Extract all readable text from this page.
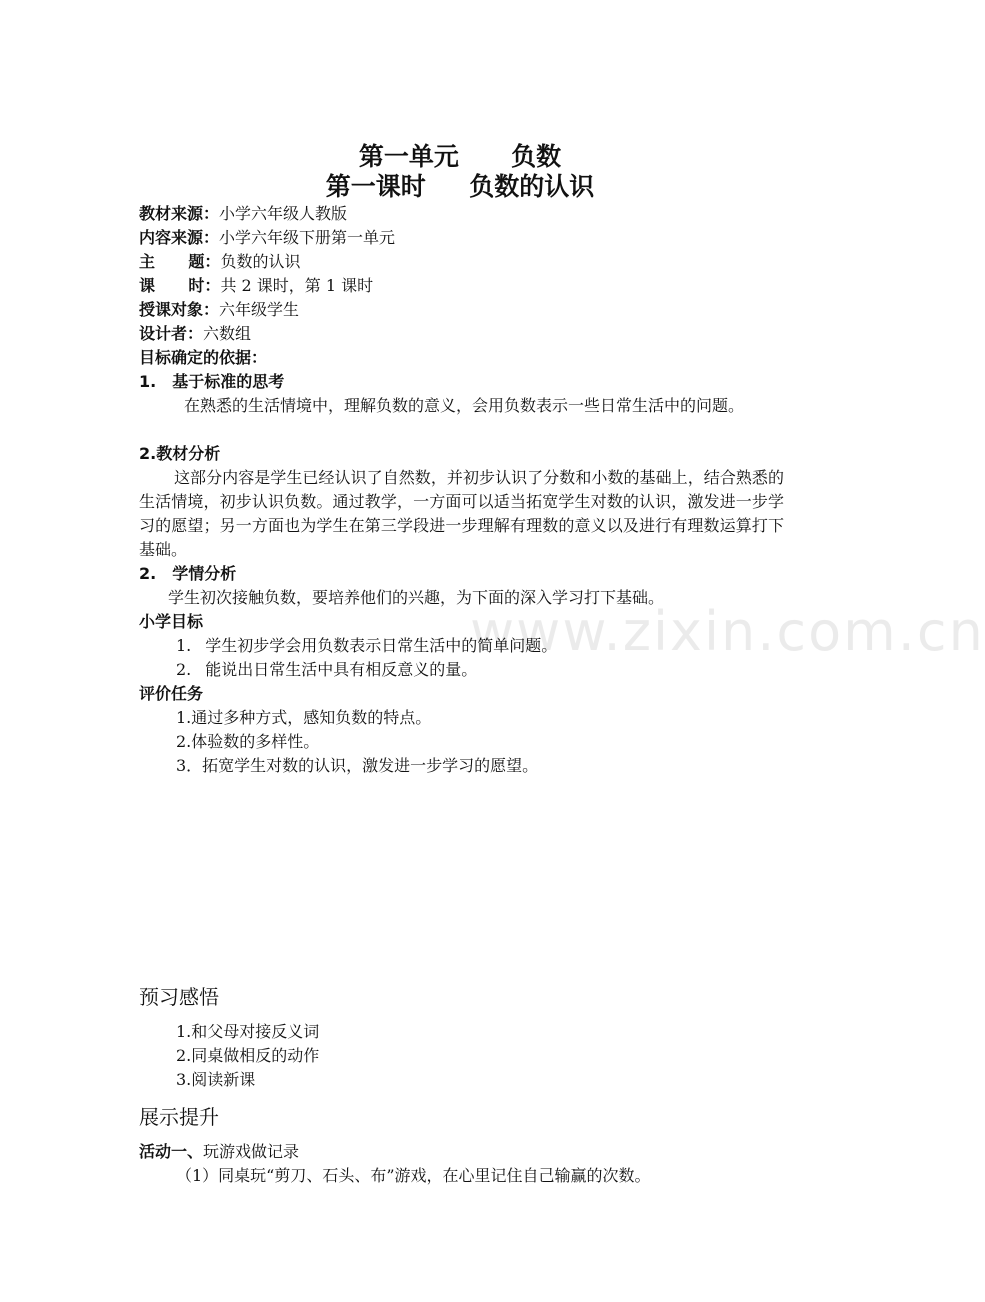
第一单元      负数
第一课时     负数的认识
教材来源：小学六年级人教版
内容来源：小学六年级下册第一单元
主      题：负数的认识
课      时：共 2 课时，第 1 课时
授课对象：六年级学生
设计者：六数组
目标确定的依据：
1. 基于标准的思考
在熟悉的生活情境中，理解负数的意义，会用负数表示一些日常生活中的问题。
2.教材分析
这部分内容是学生已经认识了自然数，并初步认识了分数和小数的基础上，结合熟悉的生活情境，初步认识负数。通过教学，一方面可以适当拓宽学生对数的认识，激发进一步学习的愿望；另一方面也为学生在第三学段进一步理解有理数的意义以及进行有理数运算打下基础。
2. 学情分析
学生初次接触负数，要培养他们的兴趣，为下面的深入学习打下基础。
小学目标
1. 学生初步学会用负数表示日常生活中的简单问题。
2. 能说出日常生活中具有相反意义的量。
评价任务
1.通过多种方式，感知负数的特点。
2.体验数的多样性。
3．拓宽学生对数的认识，激发进一步学习的愿望。
预习感悟
1.和父母对接反义词
2.同桌做相反的动作
3.阅读新课
展示提升
活动一、玩游戏做记录
（1）同桌玩“剪刀、石头、布”游戏，在心里记住自己输赢的次数。
www.zixin.com.cn
